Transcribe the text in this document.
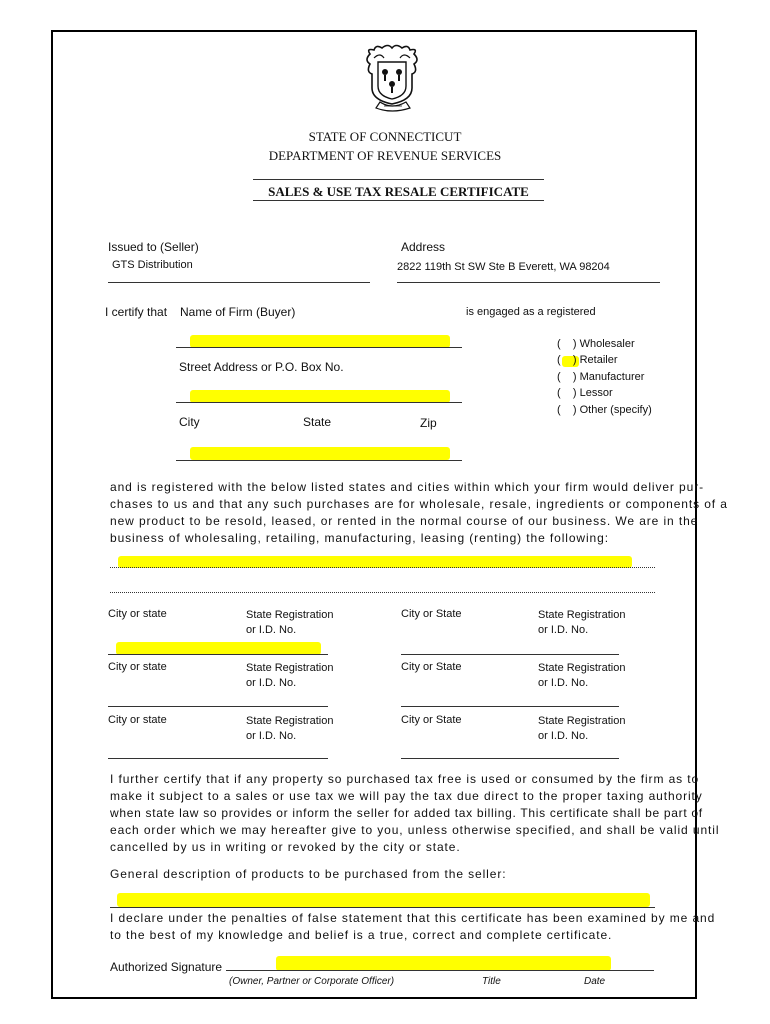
STATE OF CONNECTICUT
DEPARTMENT OF REVENUE SERVICES
SALES & USE TAX RESALE CERTIFICATE
Issued to (Seller)
GTS Distribution
Address
2822 119th St SW Ste B Everett, WA 98204
I certify that Name of Firm (Buyer)	is engaged as a registered
Street Address or P.O. Box No.
City	State	Zip
(    ) Wholesaler
(    ) Retailer
(    ) Manufacturer
(    ) Lessor
(    ) Other (specify)
and is registered with the below listed states and cities within which your firm would deliver pur-
chases to us and that any such purchases are for wholesale, resale, ingredients or components of a
new product to be resold, leased, or rented in the normal course of our business. We are in the
business of wholesaling, retailing, manufacturing, leasing (renting) the following:
City or state	State Registration
or I.D. No.
City or State	State Registration
or I.D. No.
City or state	State Registration
or I.D. No.
City or State	State Registration
or I.D. No.
City or state	State Registration
or I.D. No.
City or State	State Registration
or I.D. No.
I further certify that if any property so purchased tax free is used or consumed by the firm as to
make it subject to a sales or use tax we will pay the tax due direct to the proper taxing authority
when state law so provides or inform the seller for added tax billing. This certificate shall be part of
each order which we may hereafter give to you, unless otherwise specified, and shall be valid until
cancelled by us in writing or revoked by the city or state.
General description of products to be purchased from the seller:
I declare under the penalties of false statement that this certificate has been examined by me and
to the best of my knowledge and belief is a true, correct and complete certificate.
Authorized Signature
(Owner, Partner or Corporate Officer)	Title	Date
